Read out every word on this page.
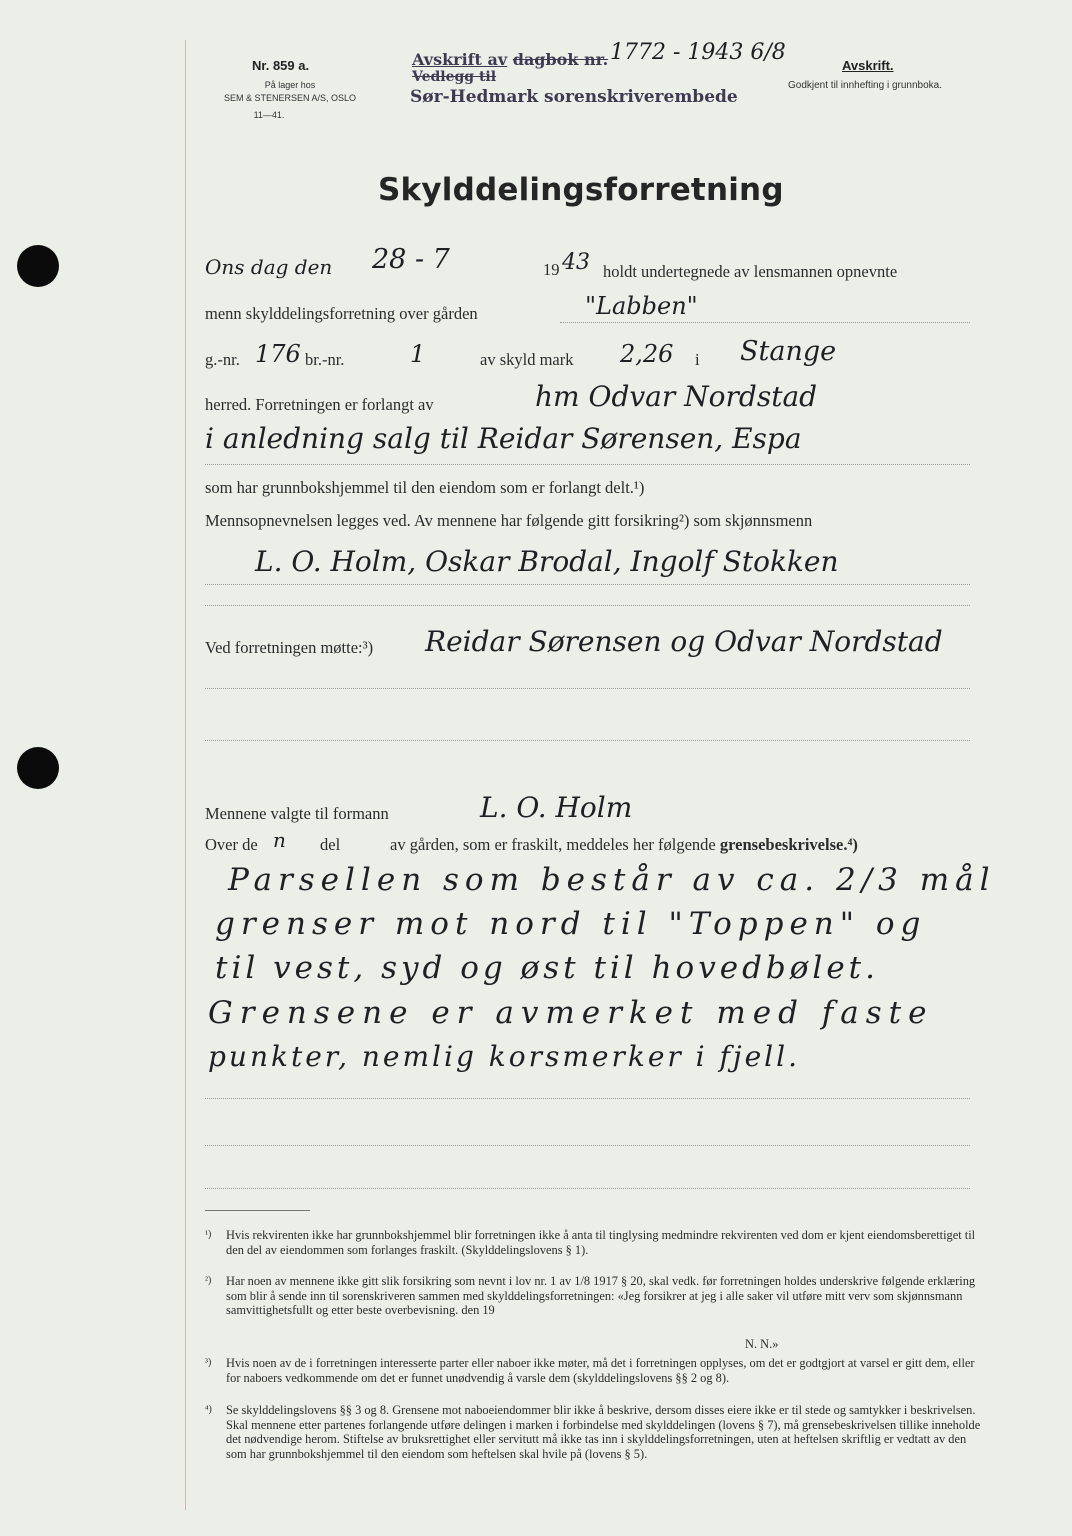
Nr. 859 a.
På lager hos
SEM & STENERSEN A/S, OSLO
11—41.
Avskrift av dagbok nr.
Vedlegg til
Sør-Hedmark sorenskriverembede
1772 - 1943 6/8
Avskrift.
Godkjent til innhefting i grunnboka.
Skylddelingsforretning
Ons dag den 28 - 7	19 43 holdt undertegnede av lensmannen opnevnte
menn skylddelingsforretning over gården	"Labben"
g.-nr. 176 br.-nr.	1	av skyld mark 2,26 i Stange
herred. Forretningen er forlangt av	hm Odvar Nordstad
i anledning salg til Reidar Sørensen, Espa
som har grunnbokshjemmel til den eiendom som er forlangt delt.¹)
Mennsopnevnelsen legges ved. Av mennene har følgende gitt forsikring²) som skjønnsmenn
L. O. Holm, Oskar Brodal, Ingolf Stokken
Ved forretningen møtte:³) Reidar Sørensen og Odvar Nordstad
Mennene valgte til formann	L. O. Holm
Over de n del	av gården, som er fraskilt, meddeles her følgende grensebeskrivelse.⁴)
Parsellen som består av ca. 2/3 mål
grenser mot nord til "Toppen" og
til vest, syd og øst til hovedbølet.
Grensene er avmerket med faste
punkter, nemlig korsmerker i fjell.
¹) Hvis rekvirenten ikke har grunnbokshjemmel blir forretningen ikke å anta til tinglysing medmindre rekvirenten ved dom er kjent eiendomsberettiget til den del av eiendommen som forlanges fraskilt. (Skylddelingslovens § 1).
²) Har noen av mennene ikke gitt slik forsikring som nevnt i lov nr. 1 av 1/8 1917 § 20, skal vedk. før forretningen holdes underskrive følgende erklæring som blir å sende inn til sorenskriveren sammen med skylddelingsforretningen: «Jeg forsikrer at jeg i alle saker vil utføre mitt verv som skjønnsmann samvittighetsfullt og etter beste overbevisning. den 19
N. N.»
³) Hvis noen av de i forretningen interesserte parter eller naboer ikke møter, må det i forretningen opplyses, om det er godtgjort at varsel er gitt dem, eller for naboers vedkommende om det er funnet unødvendig å varsle dem (skylddelingslovens §§ 2 og 8).
⁴) Se skylddelingslovens §§ 3 og 8. Grensene mot naboeiendommer blir ikke å beskrive, dersom disses eiere ikke er til stede og samtykker i beskrivelsen. Skal mennene etter partenes forlangende utføre delingen i marken i forbindelse med skylddelingen (lovens § 7), må grensebeskrivelsen tillike inneholde det nødvendige herom. Stiftelse av bruksrettighet eller servitutt må ikke tas inn i skylddelingsforretningen, uten at heftelsen skriftlig er vedtatt av den som har grunnbokshjemmel til den eiendom som heftelsen skal hvile på (lovens § 5).
